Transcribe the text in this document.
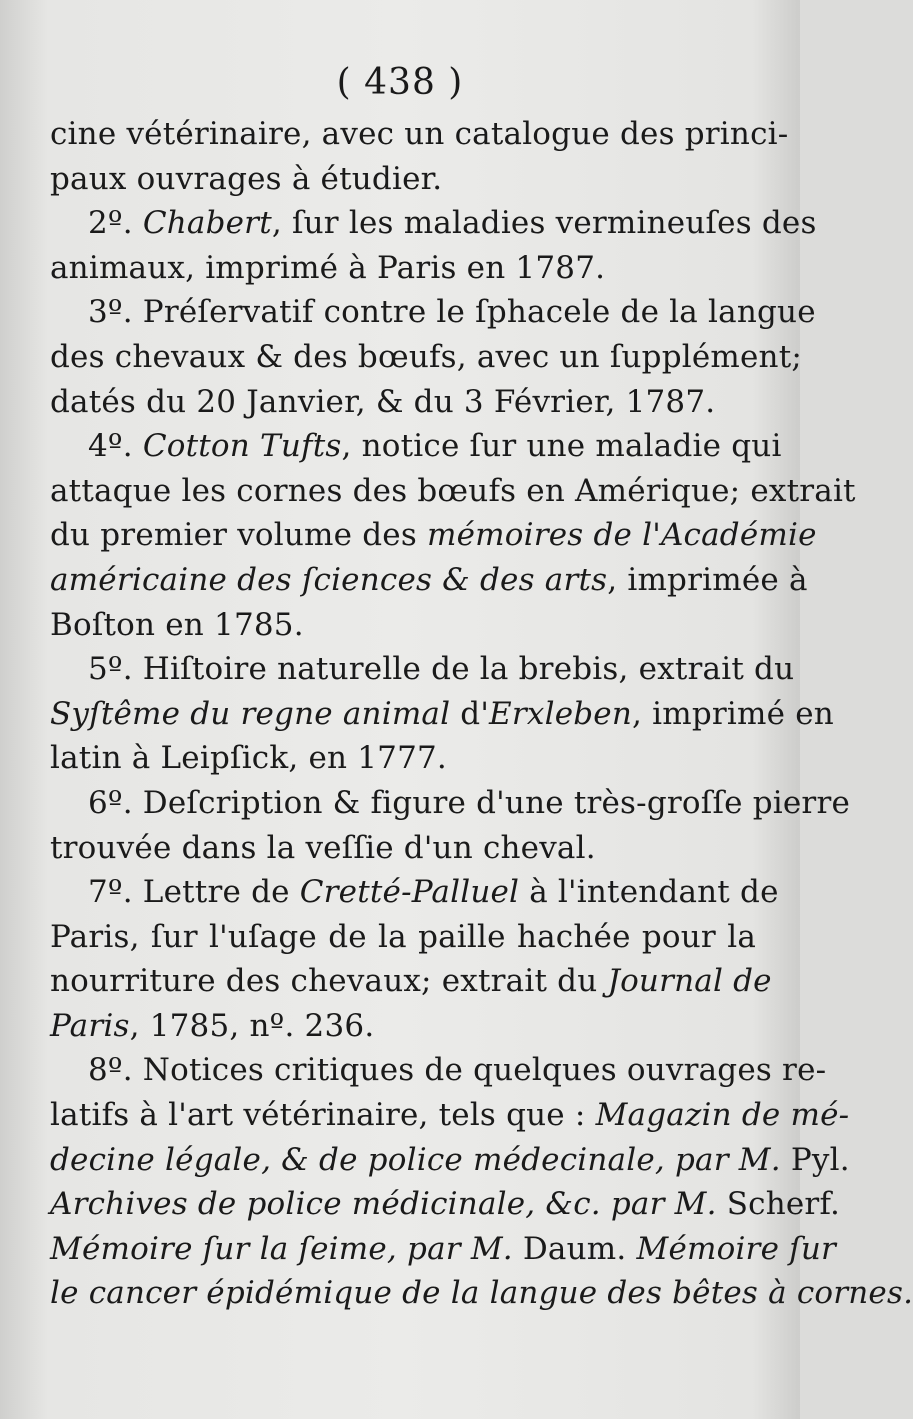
( 438 )
cine vétérinaire, avec un catalogue des princi-
paux ouvrages à étudier.
2º. Chabert, ſur les maladies vermineuſes des
animaux, imprimé à Paris en 1787.
3º. Préſervatif contre le ſphacele de la langue
des chevaux & des bœufs, avec un ſupplément;
datés du 20 Janvier, & du 3 Février, 1787.
4º. Cotton Tufts, notice ſur une maladie qui
attaque les cornes des bœufs en Amérique; extrait
du premier volume des mémoires de l'Académie
américaine des ſciences & des arts, imprimée à
Boſton en 1785.
5º. Hiſtoire naturelle de la brebis, extrait du
Syſtême du regne animal d'Erxleben, imprimé en
latin à Leipſick, en 1777.
6º. Deſcription & figure d'une très-groſſe pierre
trouvée dans la veſſie d'un cheval.
7º. Lettre de Cretté-Palluel à l'intendant de
Paris, ſur l'uſage de la paille hachée pour la
nourriture des chevaux; extrait du Journal de
Paris, 1785, nº. 236.
8º. Notices critiques de quelques ouvrages re-
latifs à l'art vétérinaire, tels que : Magazin de mé-
decine légale, & de police médecinale, par M. Pyl.
Archives de police médicinale, &c. par M. Scherf.
Mémoire ſur la ſeime, par M. Daum. Mémoire ſur
le cancer épidémique de la langue des bêtes à cornes.
